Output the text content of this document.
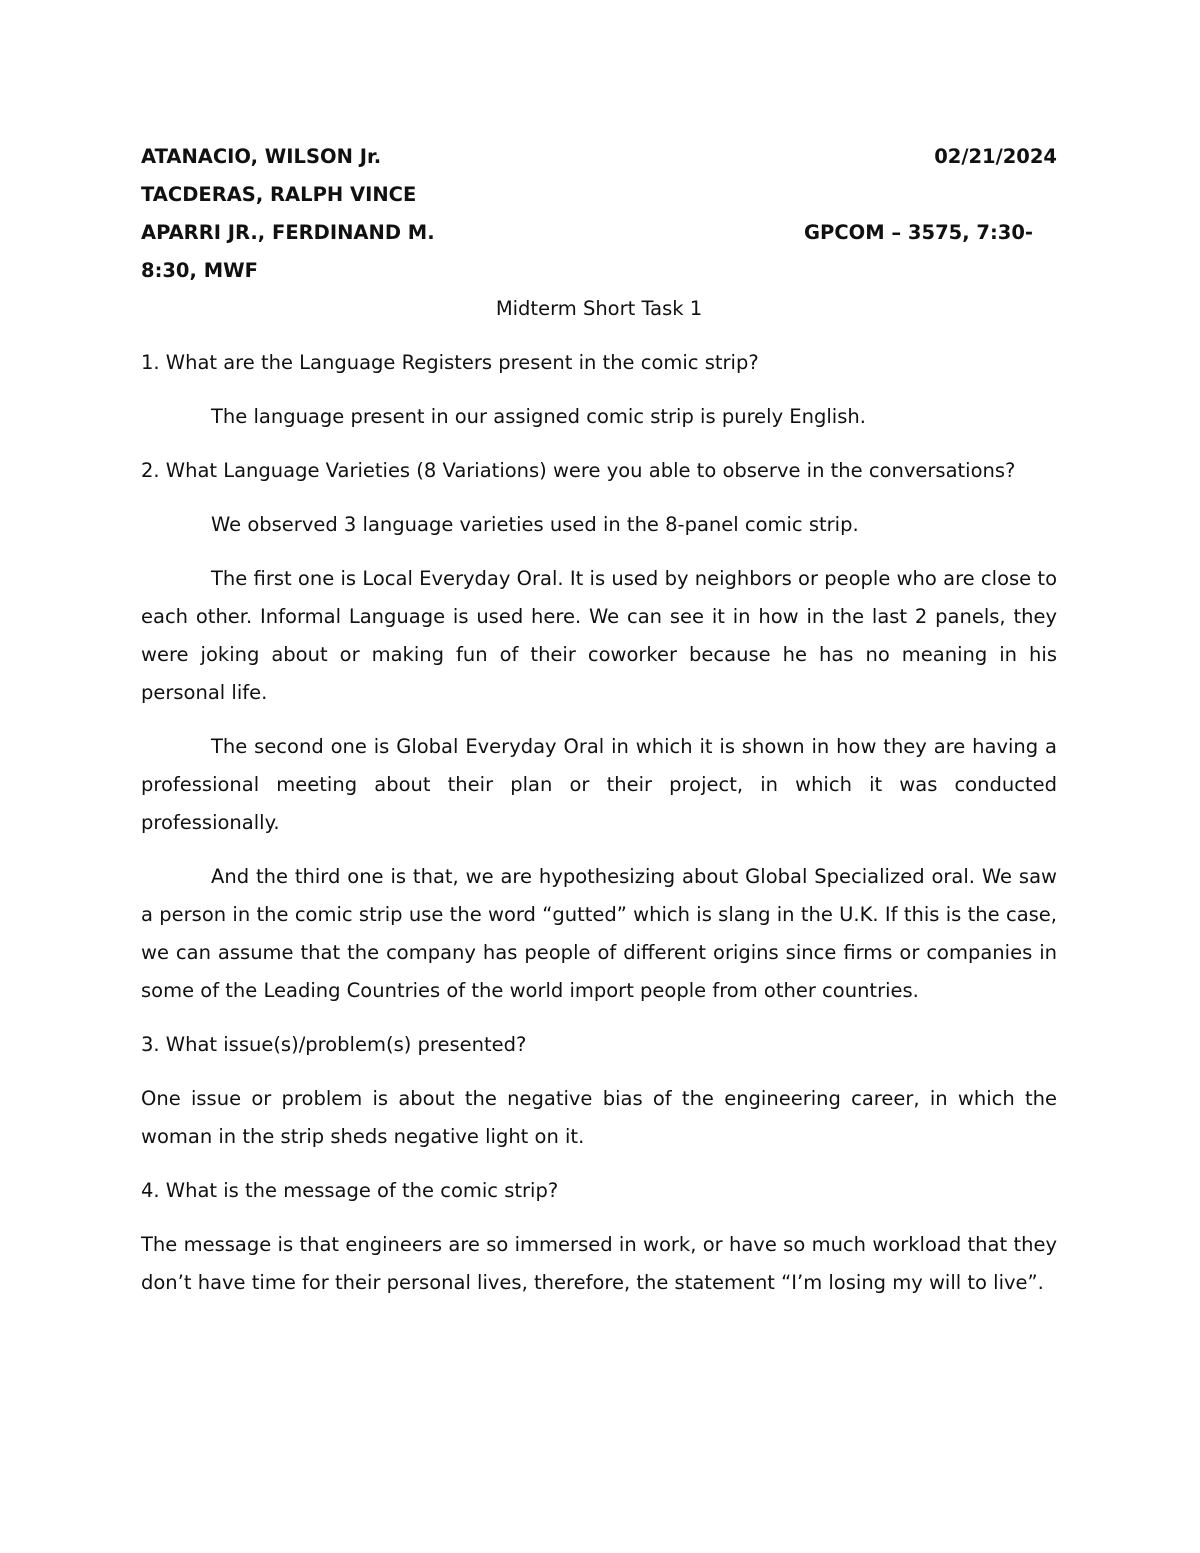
ATANACIO, WILSON Jr.	02/21/2024
TACDERAS, RALPH VINCE
APARRI JR., FERDINAND M.	GPCOM – 3575, 7:30-
8:30, MWF
Midterm Short Task 1

1. What are the Language Registers present in the comic strip?

The language present in our assigned comic strip is purely English.

2. What Language Varieties (8 Variations) were you able to observe in the conversations?

We observed 3 language varieties used in the 8-panel comic strip.

The first one is Local Everyday Oral. It is used by neighbors or people who are close to each other. Informal Language is used here. We can see it in how in the last 2 panels, they were joking about or making fun of their coworker because he has no meaning in his personal life.

The second one is Global Everyday Oral in which it is shown in how they are having a professional meeting about their plan or their project, in which it was conducted professionally.

And the third one is that, we are hypothesizing about Global Specialized oral. We saw a person in the comic strip use the word “gutted” which is slang in the U.K. If this is the case, we can assume that the company has people of different origins since firms or companies in some of the Leading Countries of the world import people from other countries.

3. What issue(s)/problem(s) presented?

One issue or problem is about the negative bias of the engineering career, in which the woman in the strip sheds negative light on it.

4. What is the message of the comic strip?

The message is that engineers are so immersed in work, or have so much workload that they don’t have time for their personal lives, therefore, the statement “I’m losing my will to live”.
